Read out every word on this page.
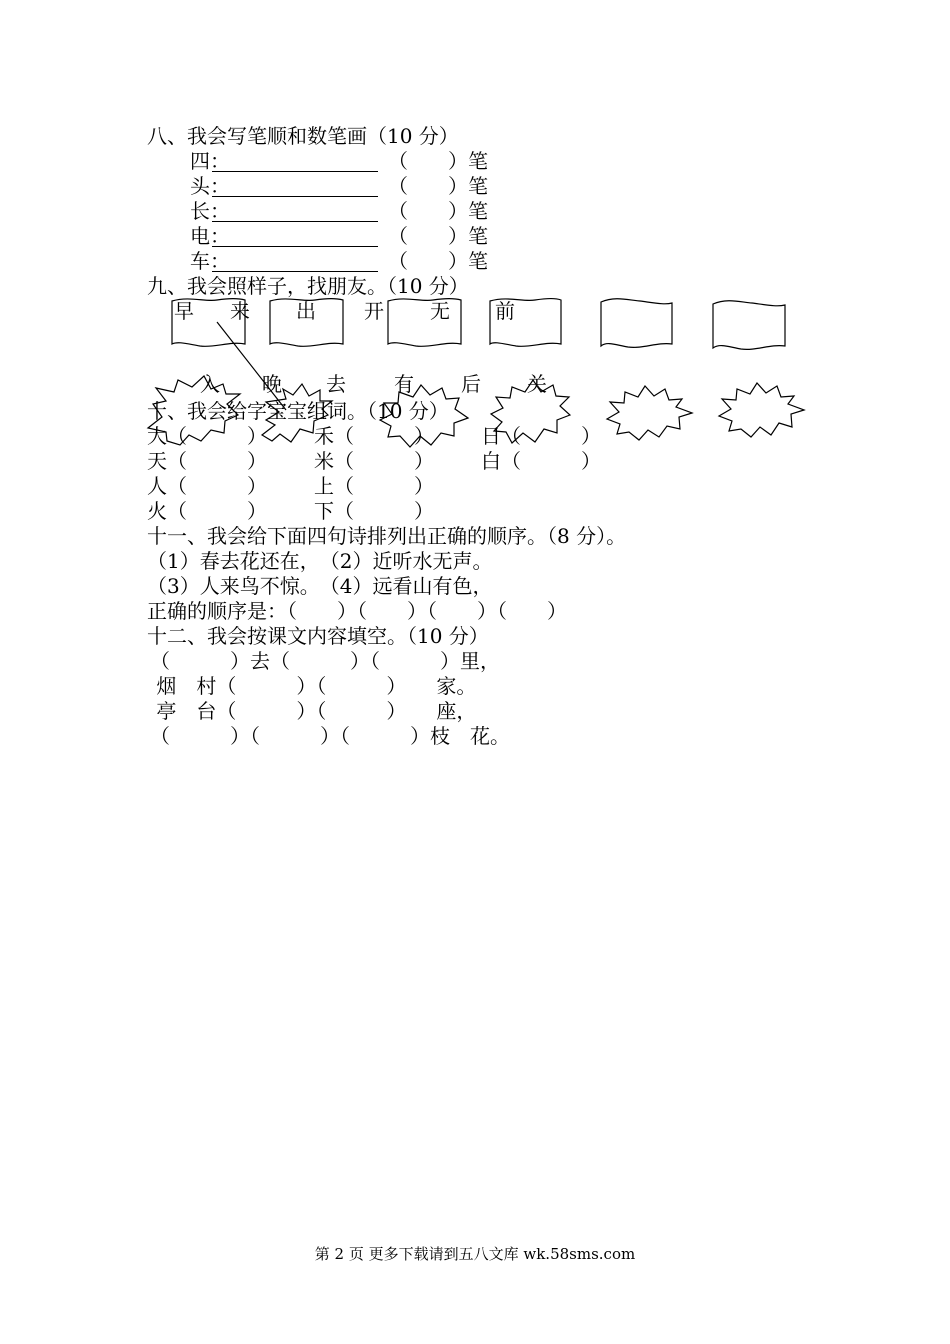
八、我会写笔顺和数笔画（10 分）
四：	（　　）笔
头：	（　　）笔
长：	（　　）笔
电：	（　　）笔
车：	（　　）笔
九、我会照样子，找朋友。（10 分）
早 来 出 开 无 前
入 晚 去 有 后 关
十、我会给字宝宝组词。（10 分）
大（　　　） 禾（　　　） 日（　　　）
天（　　　） 米（　　　） 白（　　　）
人（　　　） 上（　　　）
火（　　　） 下（　　　）
十一、我会给下面四句诗排列出正确的顺序。（8 分）。
（1）春去花还在，　（2）近听水无声。
（3）人来鸟不惊。　（4）远看山有色，
正确的顺序是：（　　）（　　）（　　）（　　）
十二、我会按课文内容填空。（10 分）
（　　　）去（　　　）（　　　）里，
烟　村（　　　）（　　　）　　家。
亭　台（　　　）（　　　）　　座，
（　　　）（　　　）（　　　）枝　花。
第 2 页 更多下载请到五八文库 wk.58sms.com
